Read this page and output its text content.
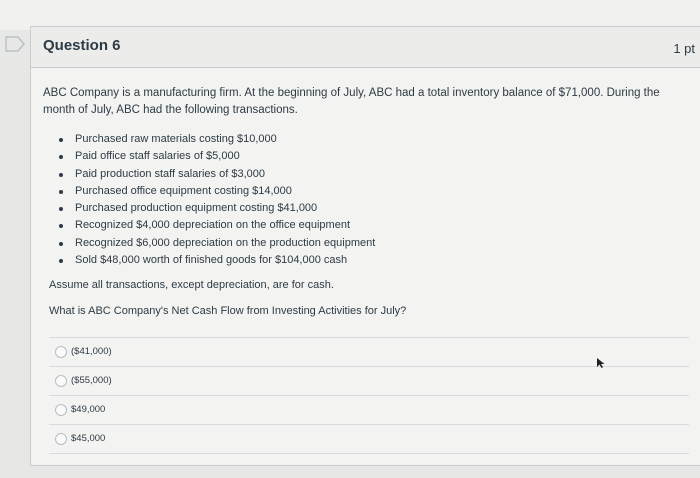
Question 6	1 pt

ABC Company is a manufacturing firm. At the beginning of July, ABC had a total inventory balance of $71,000. During the month of July, ABC had the following transactions.

Purchased raw materials costing $10,000
Paid office staff salaries of $5,000
Paid production staff salaries of $3,000
Purchased office equipment costing $14,000
Purchased production equipment costing $41,000
Recognized $4,000 depreciation on the office equipment
Recognized $6,000 depreciation on the production equipment
Sold $48,000 worth of finished goods for $104,000 cash
Assume all transactions, except depreciation, are for cash.
What is ABC Company's Net Cash Flow from Investing Activities for July?
($41,000)
($55,000)
$49,000
$45,000
